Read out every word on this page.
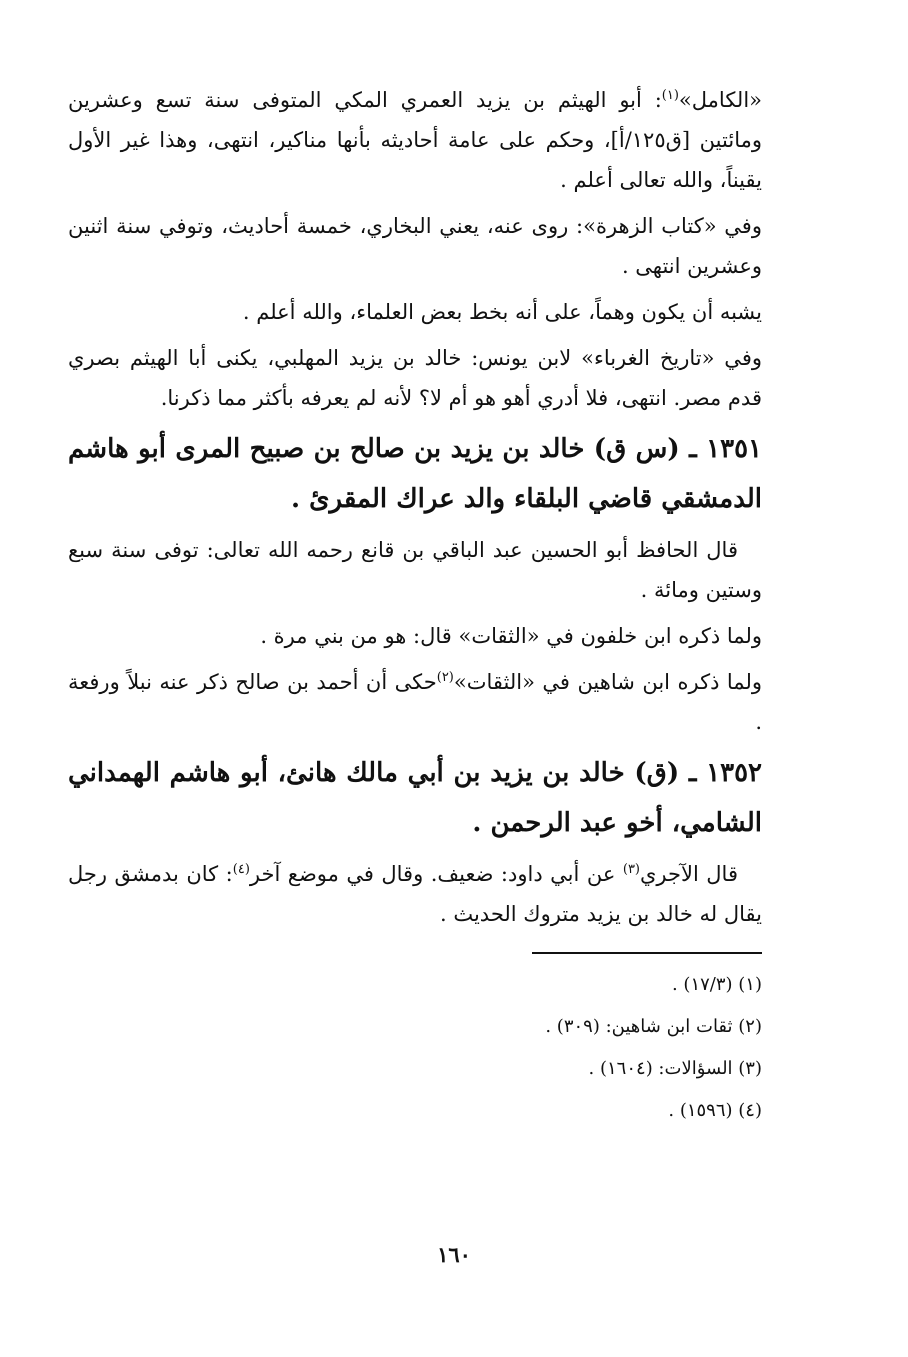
«الكامل»$^{(١)}$: أبو الهيثم بن يزيد العمري المكي المتوفى سنة تسع وعشرين ومائتين [ق١٢٥/أ]، وحكم على عامة أحاديثه بأنها مناكير، انتهى، وهذا غير الأول يقيناً، والله تعالى أعلم .

وفي «كتاب الزهرة»: روى عنه، يعني البخاري، خمسة أحاديث، وتوفي سنة اثنين وعشرين انتهى .

يشبه أن يكون وهماً، على أنه بخط بعض العلماء، والله أعلم .

وفي «تاريخ الغرباء» لابن يونس: خالد بن يزيد المهلبي، يكنى أبا الهيثم بصري قدم مصر. انتهى، فلا أدري أهو هو أم لا؟ لأنه لم يعرفه بأكثر مما ذكرنا.

١٣٥١ ـ (س ق) خالد بن يزيد بن صالح بن صبيح المرى أبو هاشم الدمشقي قاضي البلقاء والد عراك المقرئ .

قال الحافظ أبو الحسين عبد الباقي بن قانع رحمه الله تعالى: توفى سنة سبع وستين ومائة .

ولما ذكره ابن خلفون في «الثقات» قال: هو من بني مرة .

ولما ذكره ابن شاهين في «الثقات»$^{(٢)}$حكى أن أحمد بن صالح ذكر عنه نبلاً ورفعة .

١٣٥٢ ـ (ق) خالد بن يزيد بن أبي مالك هانئ، أبو هاشم الهمداني الشامي، أخو عبد الرحمن .

قال الآجري$^{(٣)}$ عن أبي داود: ضعيف. وقال في موضع آخر$^{(٤)}$: كان بدمشق رجل يقال له خالد بن يزيد متروك الحديث .

(١) (١٧/٣) .

(٢) ثقات ابن شاهين: (٣٠٩) .

(٣) السؤالات: (١٦٠٤) .

(٤) (١٥٩٦) .

١٦٠
